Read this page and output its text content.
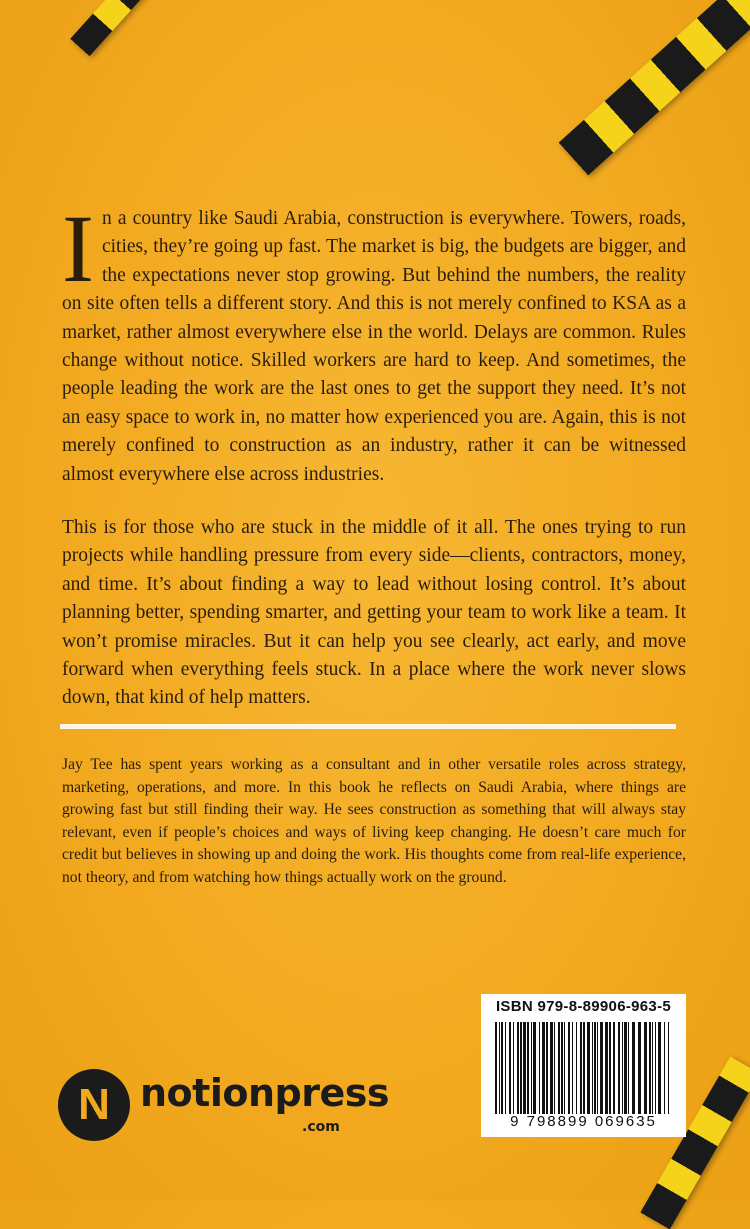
In a country like Saudi Arabia, construction is everywhere. Towers, roads, cities, they’re going up fast. The market is big, the budgets are bigger, and the expectations never stop growing. But behind the numbers, the reality on site often tells a different story. And this is not merely confined to KSA as a market, rather almost everywhere else in the world. Delays are common. Rules change without notice. Skilled workers are hard to keep. And sometimes, the people leading the work are the last ones to get the support they need. It’s not an easy space to work in, no matter how experienced you are. Again, this is not merely confined to construction as an industry, rather it can be witnessed almost everywhere else across industries.

This is for those who are stuck in the middle of it all. The ones trying to run projects while handling pressure from every side—clients, contractors, money, and time. It’s about finding a way to lead without losing control. It’s about planning better, spending smarter, and getting your team to work like a team. It won’t promise miracles. But it can help you see clearly, act early, and move forward when everything feels stuck. In a place where the work never slows down, that kind of help matters.

Jay Tee has spent years working as a consultant and in other versatile roles across strategy, marketing, operations, and more. In this book he reflects on Saudi Arabia, where things are growing fast but still finding their way. He sees construction as something that will always stay relevant, even if people’s choices and ways of living keep changing. He doesn’t care much for credit but believes in showing up and doing the work. His thoughts come from real-life experience, not theory, and from watching how things actually work on the ground.

ISBN 979-8-89906-963-5
9 798899 069635
N notionpress
.com
